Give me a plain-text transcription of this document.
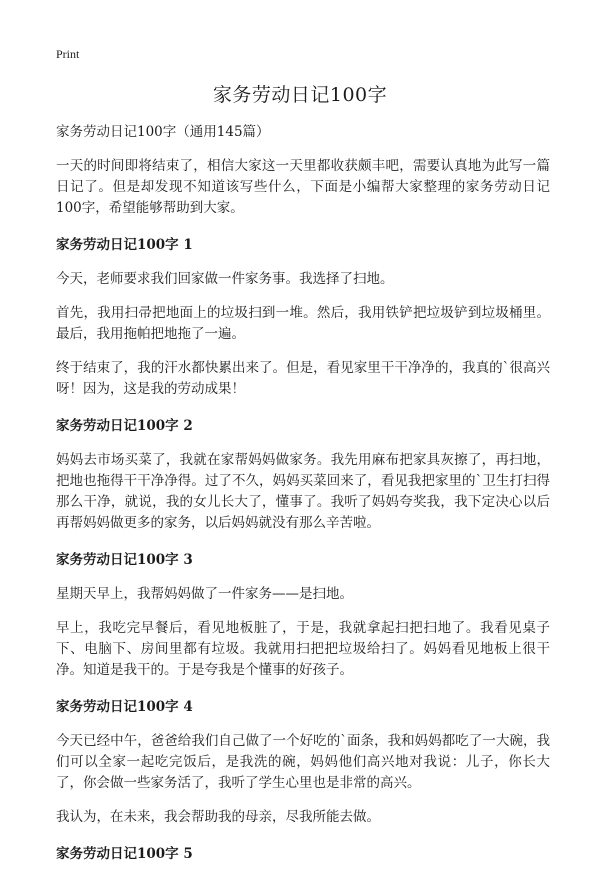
Print
家务劳动日记100字
家务劳动日记100字（通用145篇）

一天的时间即将结束了，相信大家这一天里都收获颇丰吧，需要认真地为此写一篇日记了。但是却发现不知道该写些什么，下面是小编帮大家整理的家务劳动日记100字，希望能够帮助到大家。

家务劳动日记100字 1

今天，老师要求我们回家做一件家务事。我选择了扫地。

首先，我用扫帚把地面上的垃圾扫到一堆。然后，我用铁铲把垃圾铲到垃圾桶里。最后，我用拖帕把地拖了一遍。

终于结束了，我的汗水都快累出来了。但是，看见家里干干净净的，我真的`很高兴呀！因为，这是我的劳动成果！

家务劳动日记100字 2

妈妈去市场买菜了，我就在家帮妈妈做家务。我先用麻布把家具灰擦了，再扫地，把地也拖得干干净净得。过了不久，妈妈买菜回来了，看见我把家里的`卫生打扫得那么干净，就说，我的女儿长大了，懂事了。我听了妈妈夸奖我，我下定决心以后再帮妈妈做更多的家务，以后妈妈就没有那么辛苦啦。

家务劳动日记100字 3

星期天早上，我帮妈妈做了一件家务——是扫地。

早上，我吃完早餐后，看见地板脏了，于是，我就拿起扫把扫地了。我看见桌子下、电脑下、房间里都有垃圾。我就用扫把把垃圾给扫了。妈妈看见地板上很干净。知道是我干的。于是夸我是个懂事的好孩子。

家务劳动日记100字 4

今天已经中午，爸爸给我们自己做了一个好吃的`面条，我和妈妈都吃了一大碗，我们可以全家一起吃完饭后，是我洗的碗，妈妈他们高兴地对我说：儿子，你长大了，你会做一些家务活了，我听了学生心里也是非常的高兴。

我认为，在未来，我会帮助我的母亲，尽我所能去做。

家务劳动日记100字 5
